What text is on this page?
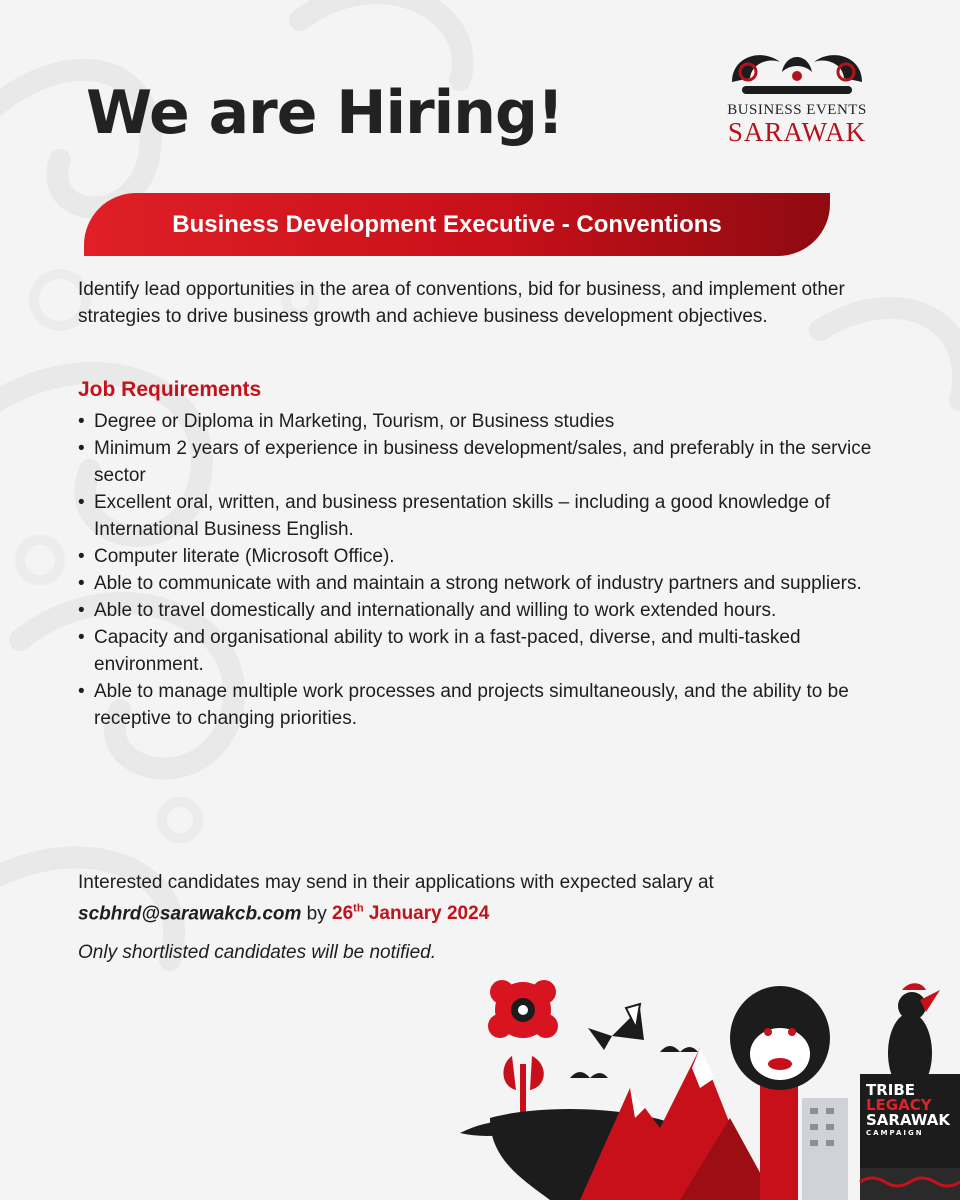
We are Hiring!	BUSINESS EVENTS
SARAWAK
Business Development Executive - Conventions

Identify lead opportunities in the area of conventions, bid for business, and implement other strategies to drive business growth and achieve business development objectives.

Job Requirements
• Degree or Diploma in Marketing, Tourism, or Business studies
• Minimum 2 years of experience in business development/sales, and preferably in the service sector
• Excellent oral, written, and business presentation skills – including a good knowledge of International Business English.
• Computer literate (Microsoft Office).
• Able to communicate with and maintain a strong network of industry partners and suppliers.
• Able to travel domestically and internationally and willing to work extended hours.
• Capacity and organisational ability to work in a fast-paced, diverse, and multi-tasked environment.
• Able to manage multiple work processes and projects simultaneously, and the ability to be receptive to changing priorities.

Interested candidates may send in their applications with expected salary at scbhrd@sarawakcb.com by 26th January 2024

Only shortlisted candidates will be notified.

TRIBE
LEGACY
SARAWAK
CAMPAIGN
